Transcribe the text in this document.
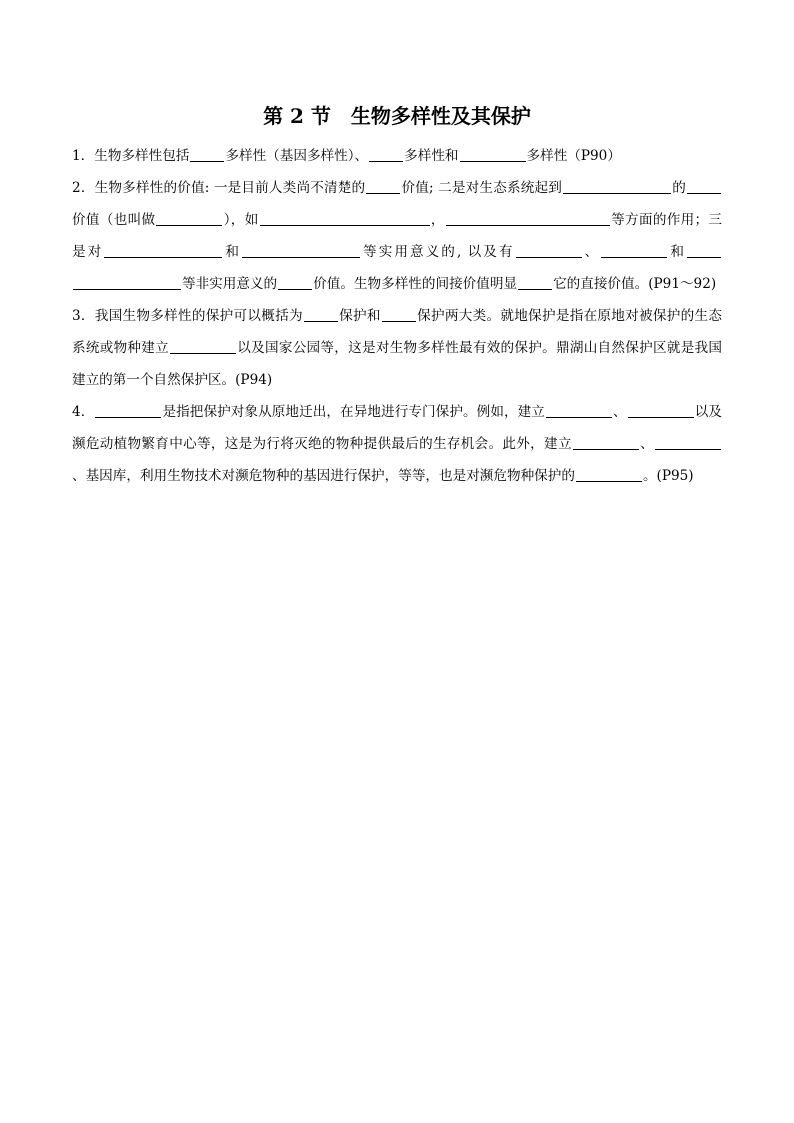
第 2 节　生物多样性及其保护

1．生物多样性包括	多样性（基因多样性）、	多样性和	多样性（P90）

2．生物多样性的价值: 一是目前人类尚不清楚的	价值; 二是对生态系统起到	的价值（也叫做	），如	，	等方面的作用；三是对	和	等实用意义的, 以及有	、	和等非实用意义的	价值。生物多样性的间接价值明显	它的直接价值。(P91～92)

3．我国生物多样性的保护可以概括为	保护和	保护两大类。就地保护是指在原地对被保护的生态系统或物种建立	以及国家公园等，这是对生物多样性最有效的保护。鼎湖山自然保护区就是我国建立的第一个自然保护区。(P94)

4．	是指把保护对象从原地迁出，在异地进行专门保护。例如，建立	、	以及濒危动植物繁育中心等，这是为行将灭绝的物种提供最后的生存机会。此外，建立	、、基因库，利用生物技术对濒危物种的基因进行保护，等等，也是对濒危物种保护的	。(P95)
